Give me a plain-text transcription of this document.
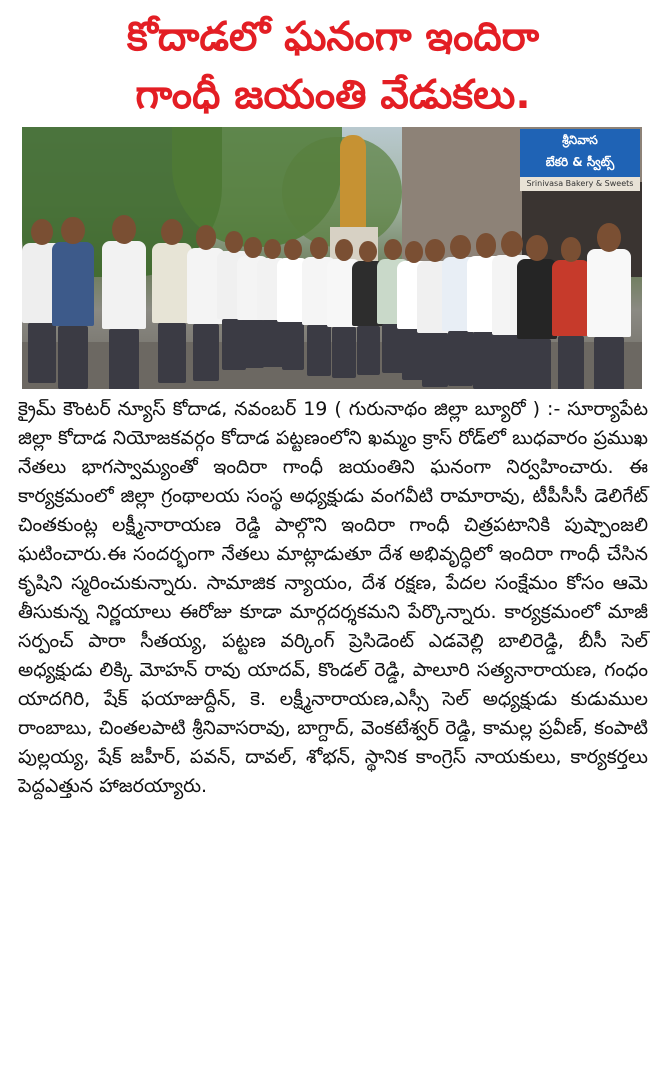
కోదాడలో ఘనంగా ఇందిరా
గాంధీ జయంతి వేడుకలు.
శ్రీనివాస
బేకరి & స్వీట్స్
Srinivasa Bakery & Sweets
క్రైమ్ కౌంటర్ న్యూస్ కోదాడ, నవంబర్ 19 ( గురునాథం జిల్లా బ్యూరో ) :- సూర్యాపేట జిల్లా కోదాడ నియోజకవర్గం కోదాడ పట్టణంలోని ఖమ్మం క్రాస్ రోడ్‌లో బుధవారం ప్రముఖ నేతలు భాగస్వామ్యంతో ఇందిరా గాంధీ జయంతిని ఘనంగా నిర్వహించారు. ఈ కార్యక్రమంలో జిల్లా గ్రంథాలయ సంస్థ అధ్యక్షుడు వంగవీటి రామారావు, టీపీసీసీ డెలిగేట్ చింతకుంట్ల లక్ష్మీనారాయణ రెడ్డి పాల్గొని ఇందిరా గాంధీ చిత్రపటానికి పుష్పాంజలి ఘటించారు.ఈ సందర్భంగా నేతలు మాట్లాడుతూ దేశ అభివృద్ధిలో ఇందిరా గాంధీ చేసిన కృషిని స్మరించుకున్నారు. సామాజిక న్యాయం, దేశ రక్షణ, పేదల సంక్షేమం కోసం ఆమె తీసుకున్న నిర్ణయాలు ఈరోజు కూడా మార్గదర్శకమని పేర్కొన్నారు. కార్యక్రమంలో మాజీ సర్పంచ్ పారా సీతయ్య, పట్టణ వర్కింగ్ ప్రెసిడెంట్ ఎడవెల్లి బాలిరెడ్డి, బీసీ సెల్ అధ్యక్షుడు లిక్కి మోహన్ రావు యాదవ్, కొండల్ రెడ్డి, పాలూరి సత్యనారాయణ, గంధం యాదగిరి, షేక్ ఫయాజుద్దీన్, కె. లక్ష్మీనారాయణ,ఎస్సీ సెల్ అధ్యక్షుడు కుడుముల రాంబాబు, చింతలపాటి శ్రీనివాసరావు, బాగ్దాద్, వెంకటేశ్వర్ రెడ్డి, కామల్ల ప్రవీణ్, కంపాటి పుల్లయ్య, షేక్ జహీర్, పవన్, దావల్, శోభన్, స్థానిక కాంగ్రెస్ నాయకులు, కార్యకర్తలు పెద్దఎత్తున హాజరయ్యారు.
